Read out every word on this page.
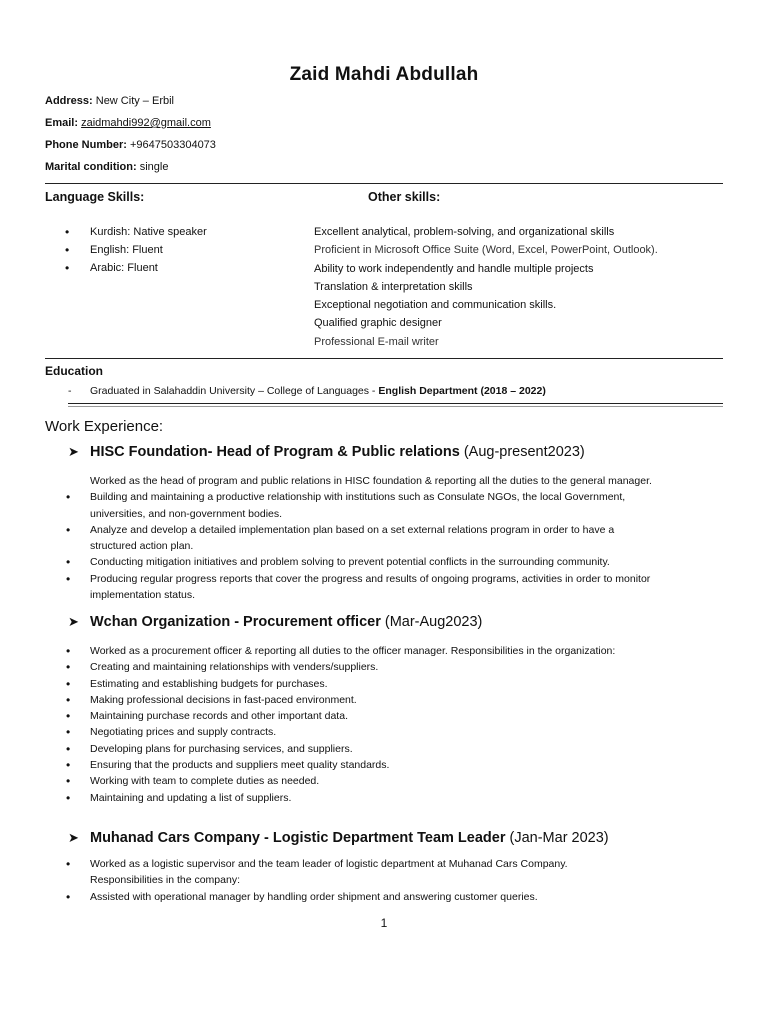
Zaid Mahdi Abdullah
Address: New City – Erbil
Email: zaidmahdi992@gmail.com
Phone Number: +9647503304073
Marital condition: single
Language Skills:	Other skills:
• Kurdish: Native speaker
• English: Fluent
• Arabic: Fluent
Excellent analytical, problem-solving, and organizational skills
Proficient in Microsoft Office Suite (Word, Excel, PowerPoint, Outlook).
Ability to work independently and handle multiple projects
Translation & interpretation skills
Exceptional negotiation and communication skills.
Qualified graphic designer
Professional E-mail writer
Education
- Graduated in Salahaddin University – College of Languages - English Department (2018 – 2022)
Work Experience:
➤ HISC Foundation- Head of Program & Public relations (Aug-present2023)
Worked as the head of program and public relations in HISC foundation & reporting all the duties to the general manager.
• Building and maintaining a productive relationship with institutions such as Consulate NGOs, the local Government,
universities, and non-government bodies.
• Analyze and develop a detailed implementation plan based on a set external relations program in order to have a
structured action plan.
• Conducting mitigation initiatives and problem solving to prevent potential conflicts in the surrounding community.
• Producing regular progress reports that cover the progress and results of ongoing programs, activities in order to monitor
implementation status.
➤ Wchan Organization - Procurement officer (Mar-Aug2023)
• Worked as a procurement officer & reporting all duties to the officer manager. Responsibilities in the organization:
• Creating and maintaining relationships with venders/suppliers.
• Estimating and establishing budgets for purchases.
• Making professional decisions in fast-paced environment.
• Maintaining purchase records and other important data.
• Negotiating prices and supply contracts.
• Developing plans for purchasing services, and suppliers.
• Ensuring that the products and suppliers meet quality standards.
• Working with team to complete duties as needed.
• Maintaining and updating a list of suppliers.
➤ Muhanad Cars Company - Logistic Department Team Leader (Jan-Mar 2023)
• Worked as a logistic supervisor and the team leader of logistic department at Muhanad Cars Company.
Responsibilities in the company:
• Assisted with operational manager by handling order shipment and answering customer queries.
1
